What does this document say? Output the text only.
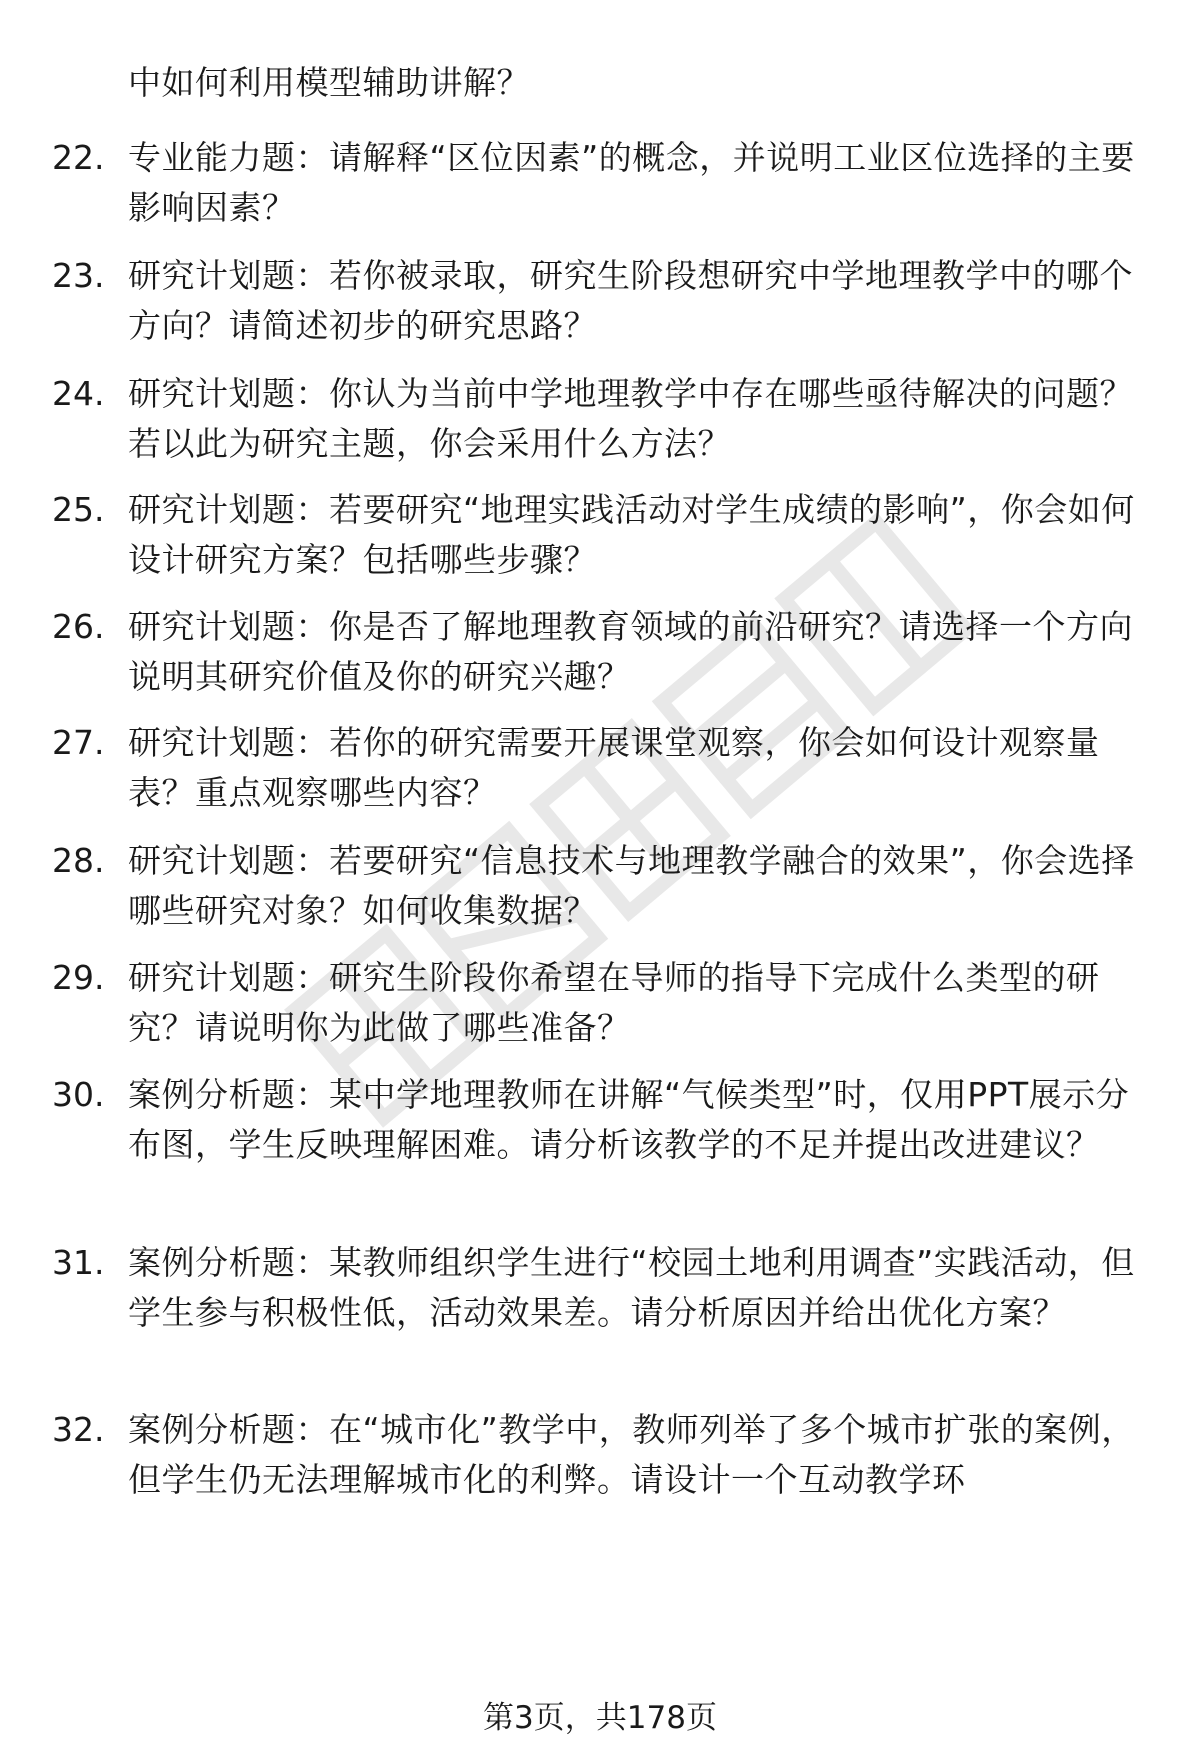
中如何利用模型辅助讲解？
22. 专业能力题：请解释“区位因素”的概念，并说明工业区位选择的主要影响因素？
23. 研究计划题：若你被录取，研究生阶段想研究中学地理教学中的哪个方向？请简述初步的研究思路？
24. 研究计划题：你认为当前中学地理教学中存在哪些亟待解决的问题？若以此为研究主题，你会采用什么方法？
25. 研究计划题：若要研究“地理实践活动对学生成绩的影响”，你会如何设计研究方案？包括哪些步骤？
26. 研究计划题：你是否了解地理教育领域的前沿研究？请选择一个方向说明其研究价值及你的研究兴趣？
27. 研究计划题：若你的研究需要开展课堂观察，你会如何设计观察量表？重点观察哪些内容？
28. 研究计划题：若要研究“信息技术与地理教学融合的效果”，你会选择哪些研究对象？如何收集数据？
29. 研究计划题：研究生阶段你希望在导师的指导下完成什么类型的研究？请说明你为此做了哪些准备？
30. 案例分析题：某中学地理教师在讲解“气候类型”时，仅用PPT展示分布图，学生反映理解困难。请分析该教学的不足并提出改进建议？
31. 案例分析题：某教师组织学生进行“校园土地利用调查”实践活动，但学生参与积极性低，活动效果差。请分析原因并给出优化方案？
32. 案例分析题：在“城市化”教学中，教师列举了多个城市扩张的案例，但学生仍无法理解城市化的利弊。请设计一个互动教学环
第3页，共178页
